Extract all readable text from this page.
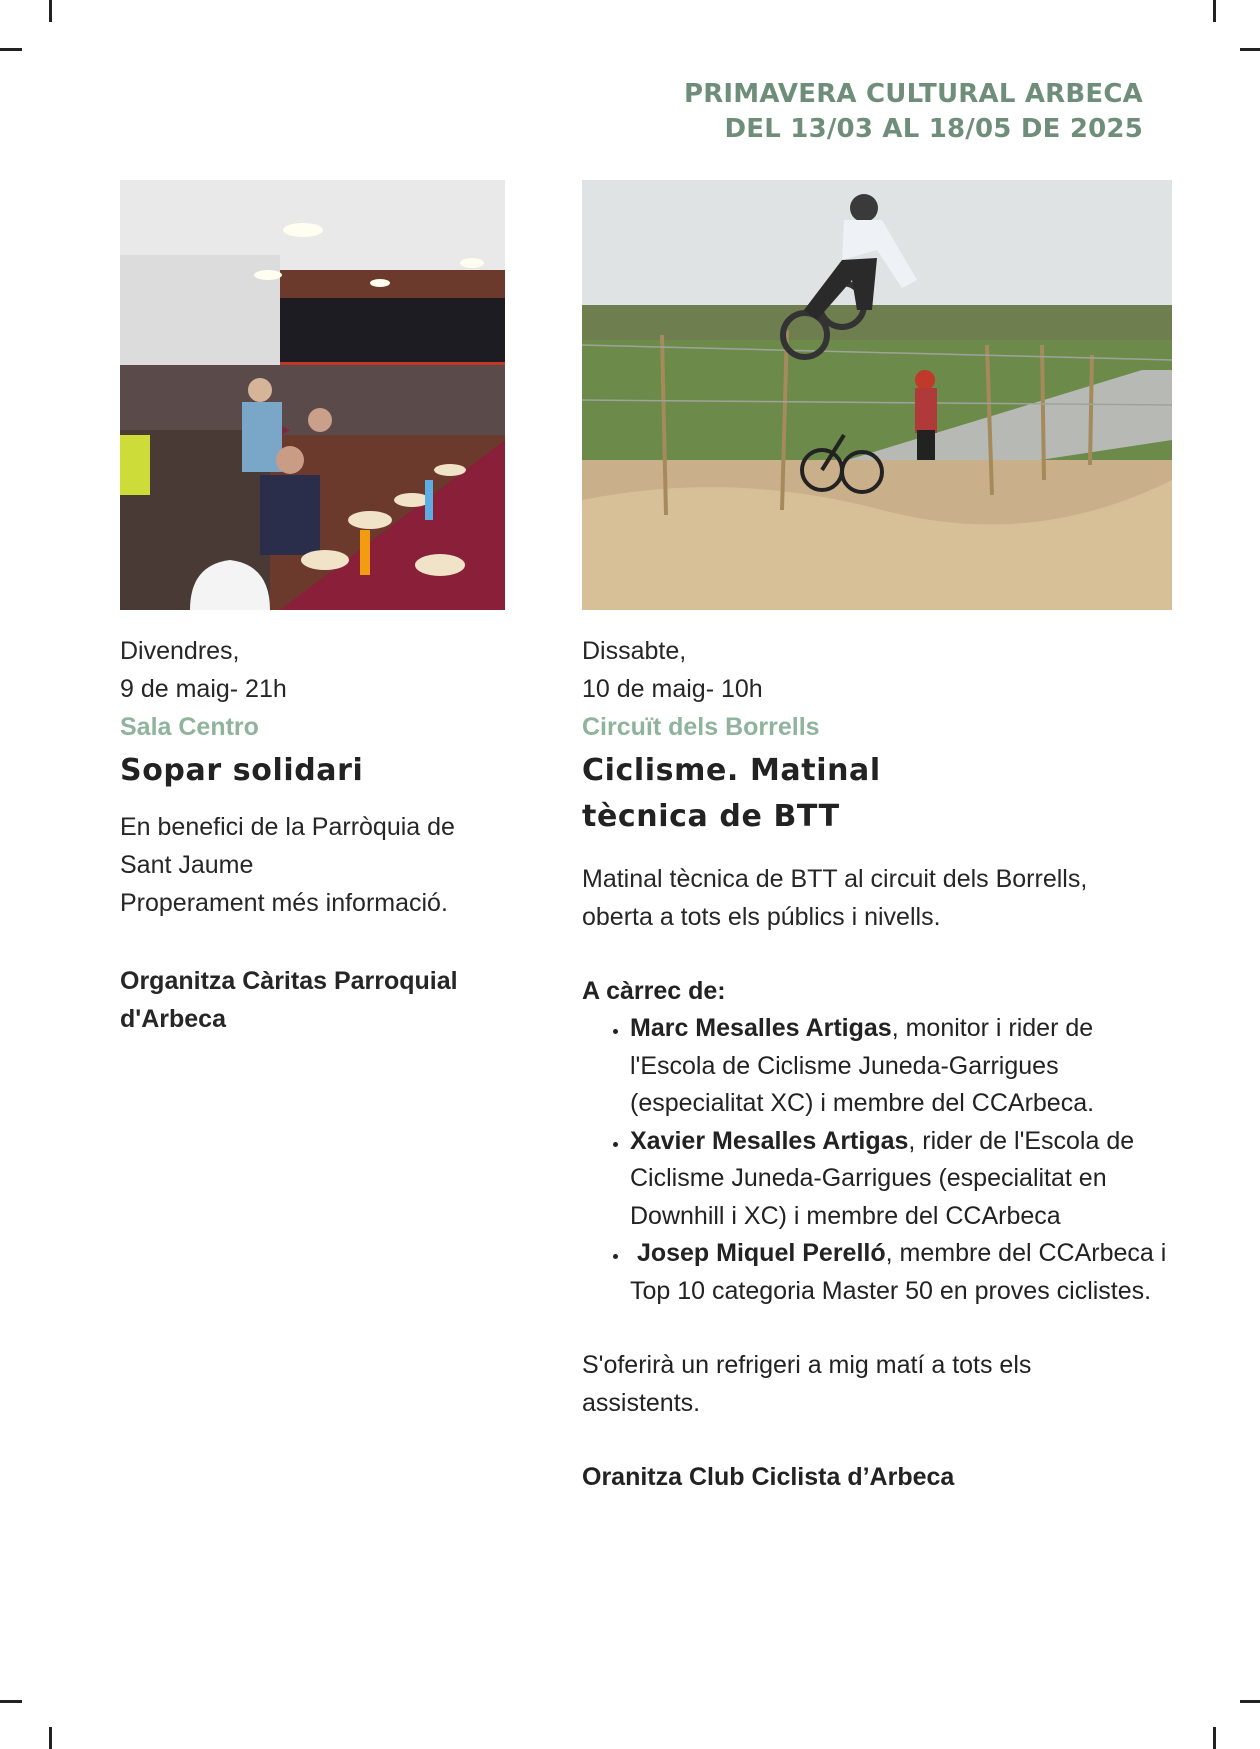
PRIMAVERA CULTURAL ARBECA
DEL 13/03 AL 18/05 DE 2025
Divendres,
9 de maig- 21h
Sala Centro
Sopar solidari
En benefici de la Parròquia de
Sant Jaume
Properament més informació.
Organitza Càritas Parroquial
d'Arbeca
Dissabte,
10 de maig- 10h
Circuït dels Borrells
Ciclisme. Matinal
tècnica de BTT
Matinal tècnica de BTT al circuit dels Borrells,
oberta a tots els públics i nivells.
A càrrec de:
• Marc Mesalles Artigas, monitor i rider de l'Escola de Ciclisme Juneda-Garrigues (especialitat XC) i membre del CCArbeca.
• Xavier Mesalles Artigas, rider de l'Escola de Ciclisme Juneda-Garrigues (especialitat en Downhill i XC) i membre del CCArbeca
•  Josep Miquel Perelló, membre del CCArbeca i Top 10 categoria Master 50 en proves ciclistes.
S'oferirà un refrigeri a mig matí a tots els
assistents.
Oranitza Club Ciclista d’Arbeca
